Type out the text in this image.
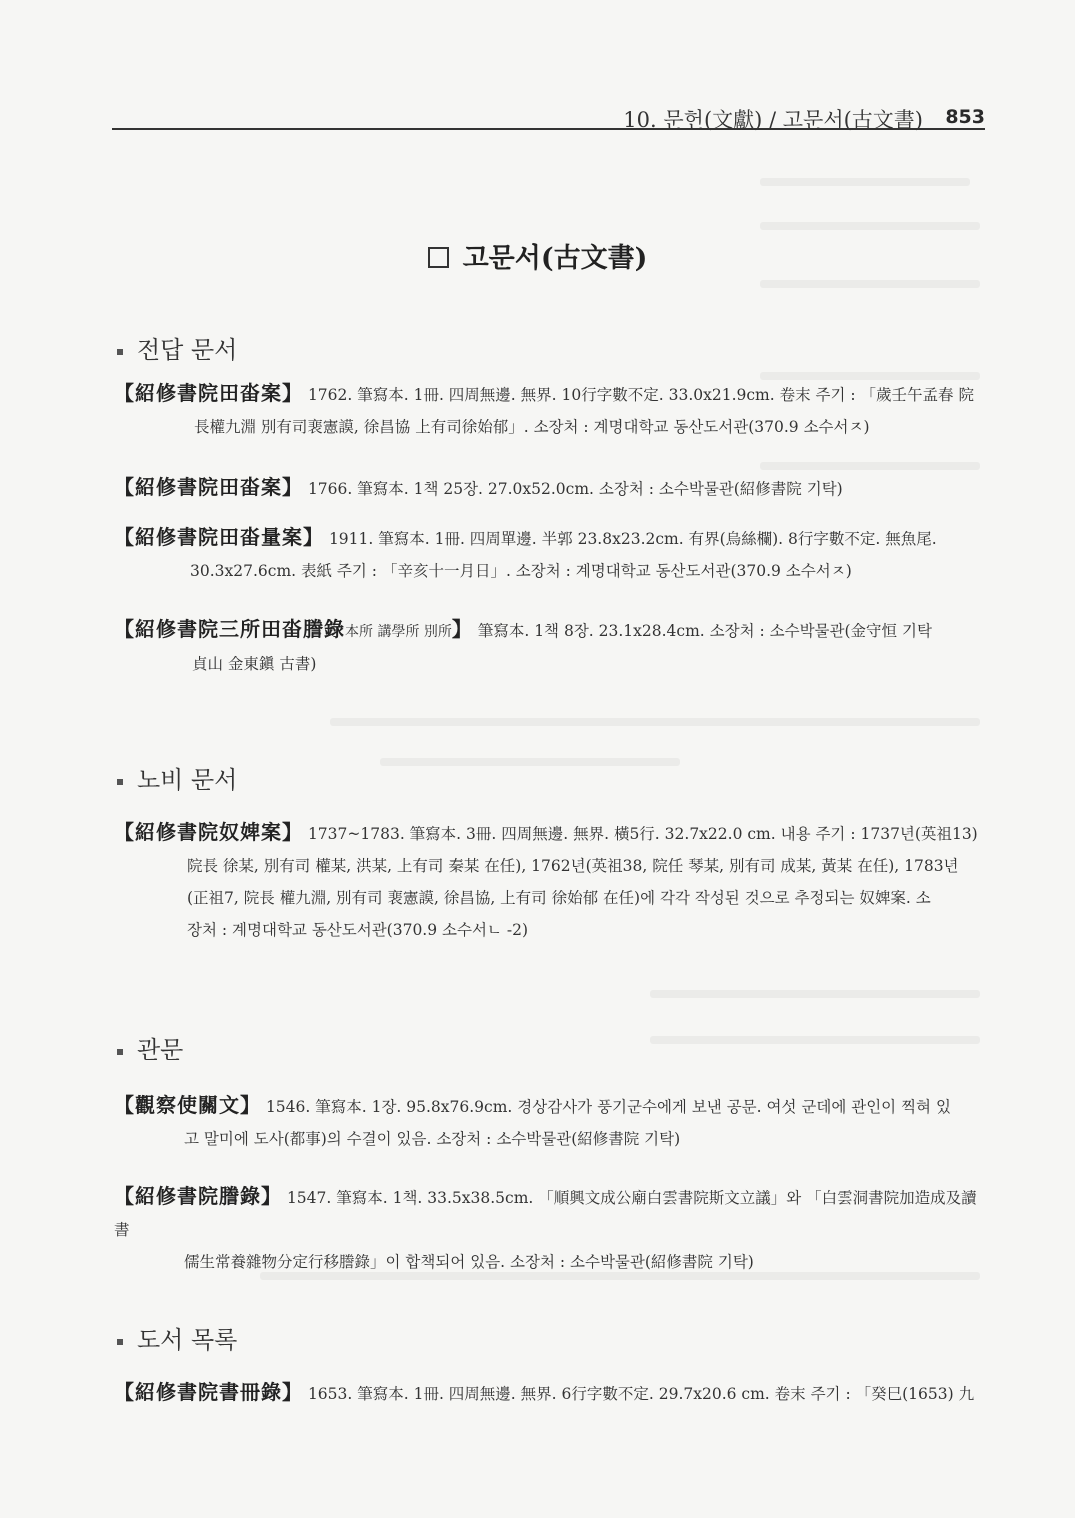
10. 문헌(文獻) / 고문서(古文書) 853
고문서(古文書)
전답 문서
【紹修書院田畓案】 1762. 筆寫本. 1冊. 四周無邊. 無界. 10行字數不定. 33.0x21.9cm. 卷末 주기 : 「歲壬午孟春 院
長權九淵 別有司裵憲謨, 徐昌協 上有司徐始郁」. 소장처 : 계명대학교 동산도서관(370.9 소수서ㅈ)
【紹修書院田畓案】 1766. 筆寫本. 1책 25장. 27.0x52.0cm. 소장처 : 소수박물관(紹修書院 기탁)
【紹修書院田畓量案】 1911. 筆寫本. 1冊. 四周單邊. 半郭 23.8x23.2cm. 有界(烏絲欄). 8行字數不定. 無魚尾.
30.3x27.6cm. 表紙 주기 : 「辛亥十一月日」. 소장처 : 계명대학교 동산도서관(370.9 소수서ㅈ)
【紹修書院三所田畓謄錄本所 講學所 別所】 筆寫本. 1책 8장. 23.1x28.4cm. 소장처 : 소수박물관(金守恒 기탁
貞山 金東鎭 古書)
노비 문서
【紹修書院奴婢案】 1737~1783. 筆寫本. 3冊. 四周無邊. 無界. 橫5行. 32.7x22.0 cm. 내용 주기 : 1737년(英祖13)
院長 徐某, 別有司 權某, 洪某, 上有司 秦某 在任), 1762년(英祖38, 院任 琴某, 別有司 成某, 黃某 在任), 1783년
(正祖7, 院長 權九淵, 別有司 裵憲謨, 徐昌協, 上有司 徐始郁 在任)에 각각 작성된 것으로 추정되는 奴婢案. 소
장처 : 계명대학교 동산도서관(370.9 소수서ㄴ -2)
관문
【觀察使關文】 1546. 筆寫本. 1장. 95.8x76.9cm. 경상감사가 풍기군수에게 보낸 공문. 여섯 군데에 관인이 찍혀 있
고 말미에 도사(都事)의 수결이 있음. 소장처 : 소수박물관(紹修書院 기탁)
【紹修書院謄錄】 1547. 筆寫本. 1책. 33.5x38.5cm. 「順興文成公廟白雲書院斯文立議」와 「白雲洞書院加造成及讀書
儒生常養雜物分定行移謄錄」이 합책되어 있음. 소장처 : 소수박물관(紹修書院 기탁)
도서 목록
【紹修書院書冊錄】 1653. 筆寫本. 1冊. 四周無邊. 無界. 6行字數不定. 29.7x20.6 cm. 卷末 주기 : 「癸巳(1653) 九
